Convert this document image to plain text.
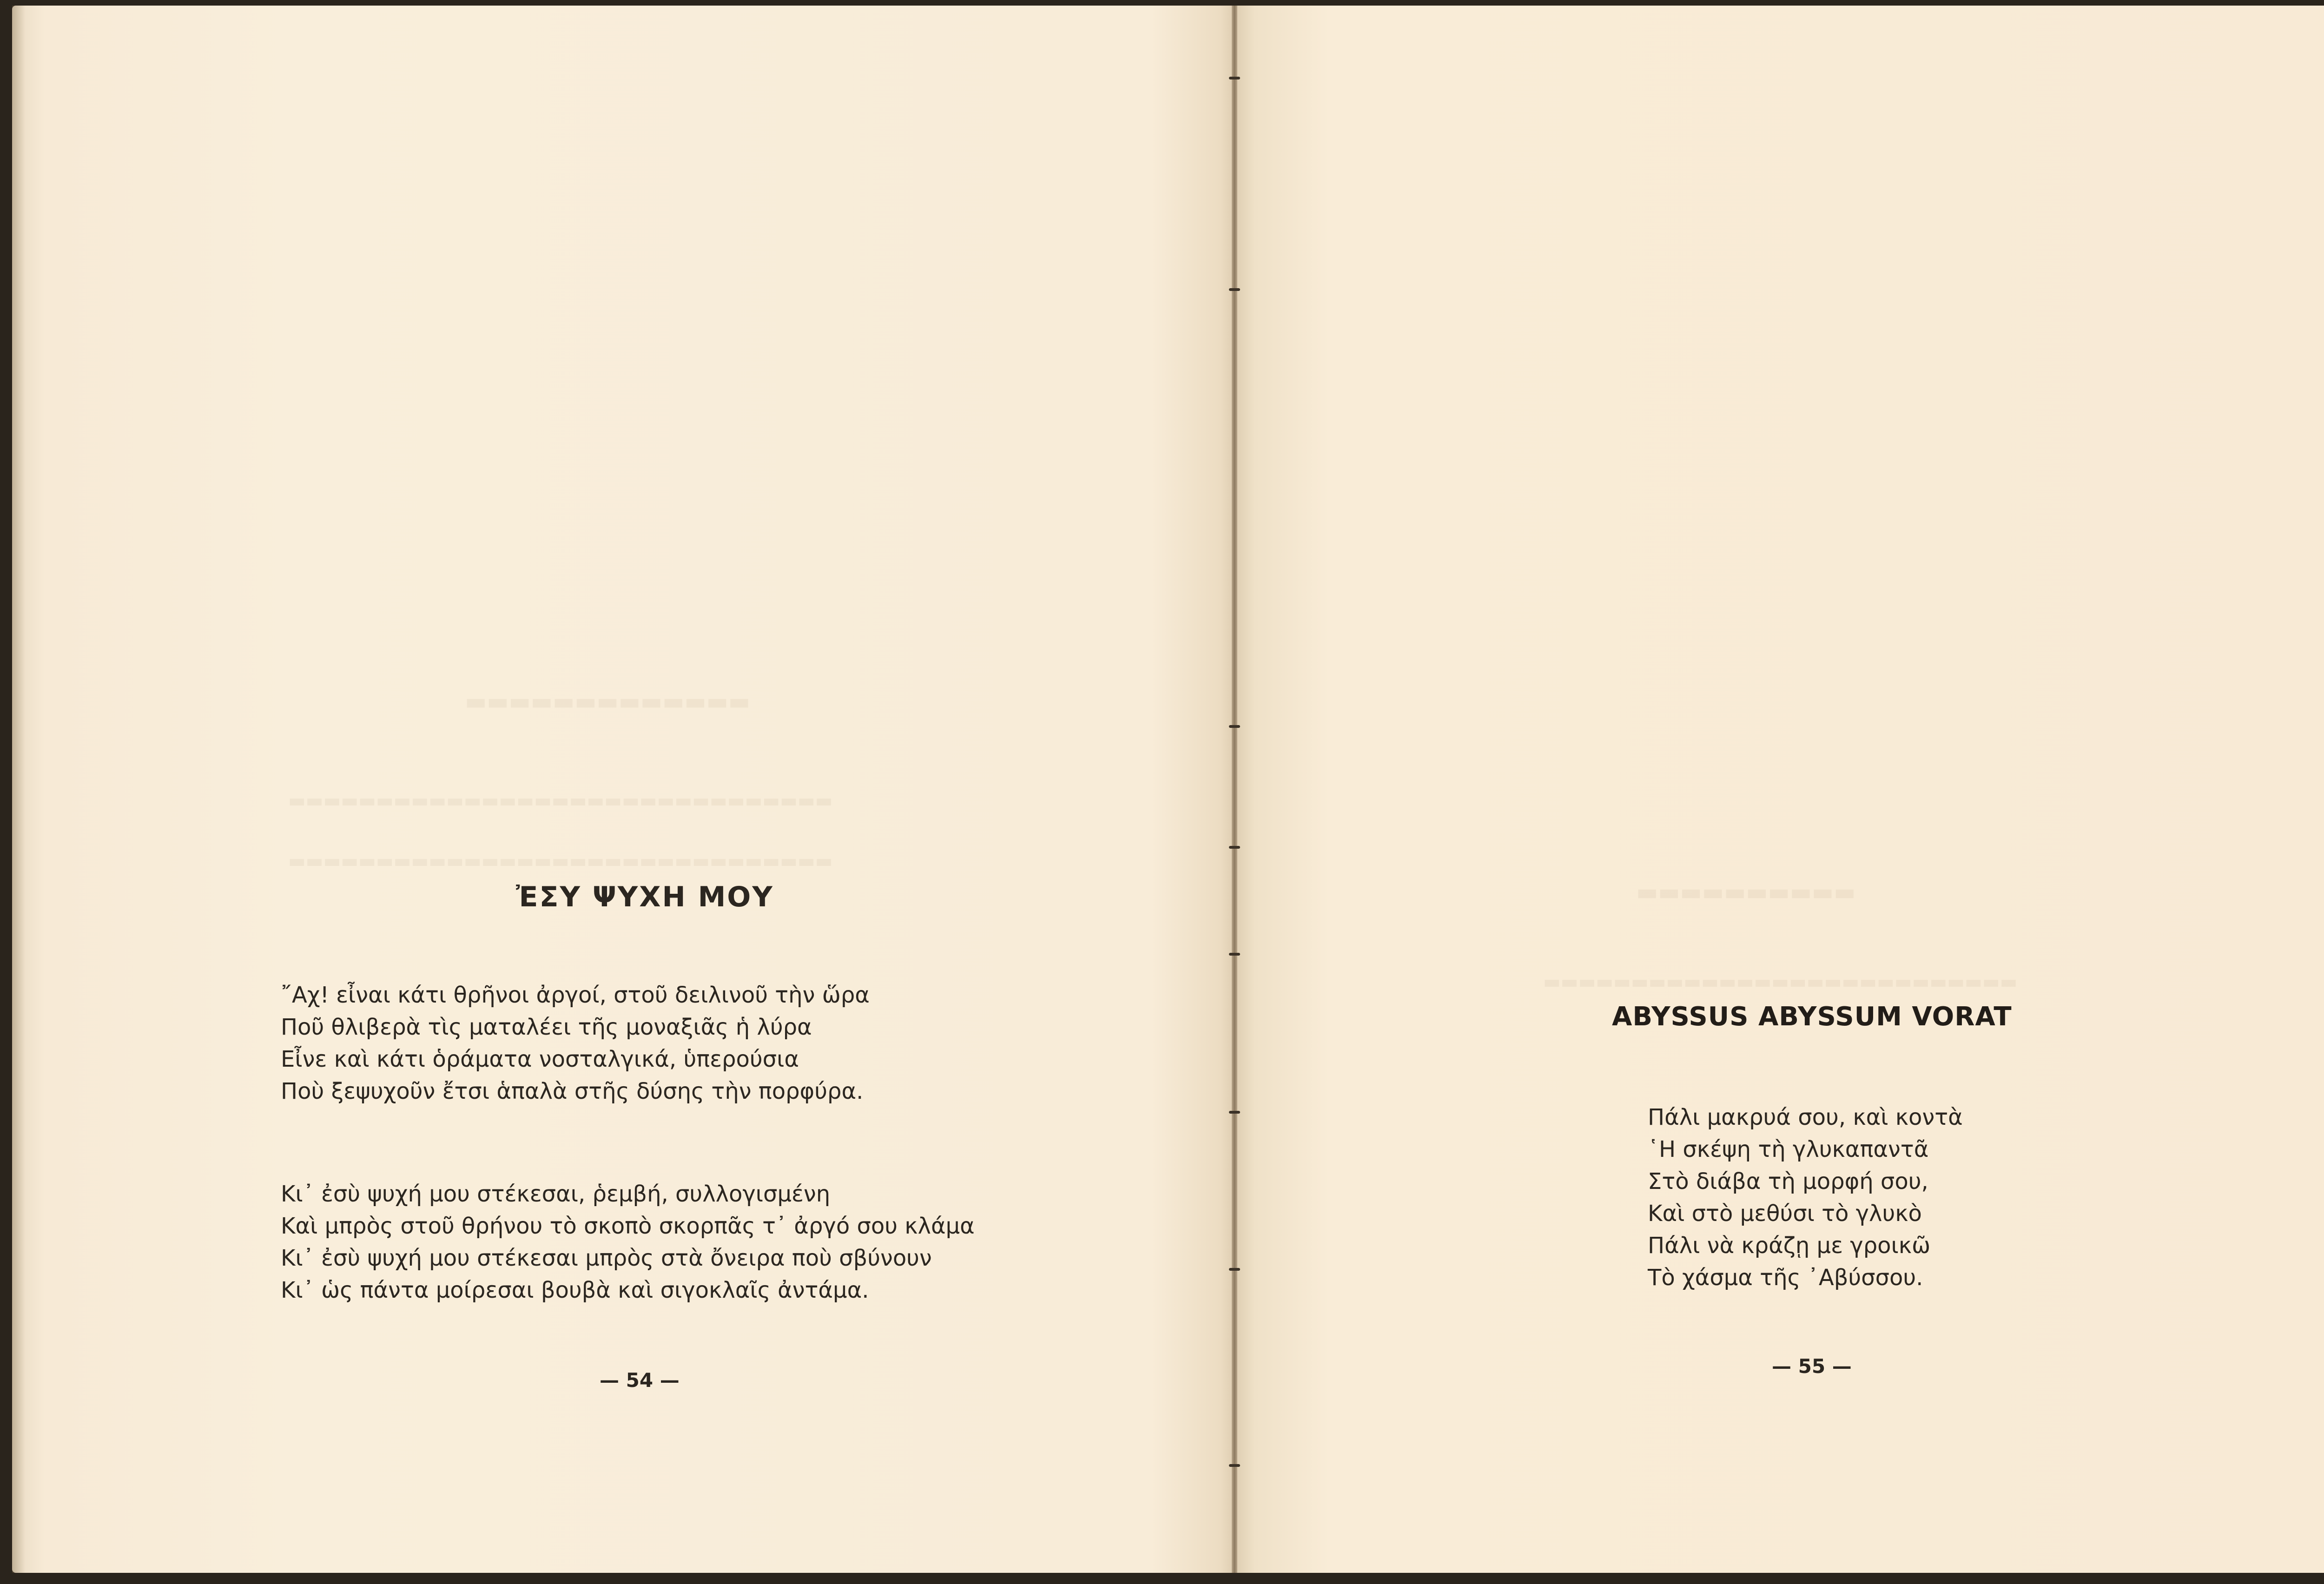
▬▬▬▬▬▬▬▬▬▬▬▬▬
▬▬▬▬▬▬▬▬▬▬▬▬▬▬▬▬▬▬▬▬▬▬▬▬▬▬▬▬▬▬▬
▬▬▬▬▬▬▬▬▬▬▬▬▬▬▬▬▬▬▬▬▬▬▬▬▬▬▬▬▬▬▬
▬▬▬▬▬▬▬▬▬▬
▬▬▬▬▬▬▬▬▬▬▬▬▬▬▬▬▬▬▬▬▬▬▬▬▬▬▬
ἘΣΥ ΨΥΧΗ ΜΟΥ
῎Αχ! εἶναι κάτι θρῆνοι ἀργοί, στοῦ δειλινοῦ τὴν ὥρα
Ποῦ θλιβερὰ τὶς ματαλέει τῆς μοναξιᾶς ἡ λύρα
Εἶνε καὶ κάτι ὁράματα νοσταλγικά, ὑπερούσια
Ποὺ ξεψυχοῦν ἔτσι ἁπαλὰ στῆς δύσης τὴν πορφύρα.
Κι᾿ ἐσὺ ψυχή μου στέκεσαι, ῥεμβή, συλλογισμένη
Καὶ μπρὸς στοῦ θρήνου τὸ σκοπὸ σκορπᾶς τ᾿ ἀργό σου κλάμα
Κι᾿ ἐσὺ ψυχή μου στέκεσαι μπρὸς στὰ ὄνειρα ποὺ σβύνουν
Κι᾿ ὡς πάντα μοίρεσαι βουβὰ καὶ σιγοκλαῖς ἀντάμα.
— 54 —
ABYSSUS ABYSSUM VORAT
Πάλι μακρυά σου, καὶ κοντὰ
῾Η σκέψη τὴ γλυκαπαντᾶ
Στὸ διάβα τὴ μορφή σου,
Καὶ στὸ μεθύσι τὸ γλυκὸ
Πάλι νὰ κράζῃ με γροικῶ
Τὸ χάσμα τῆς ᾿Αβύσσου.
— 55 —
